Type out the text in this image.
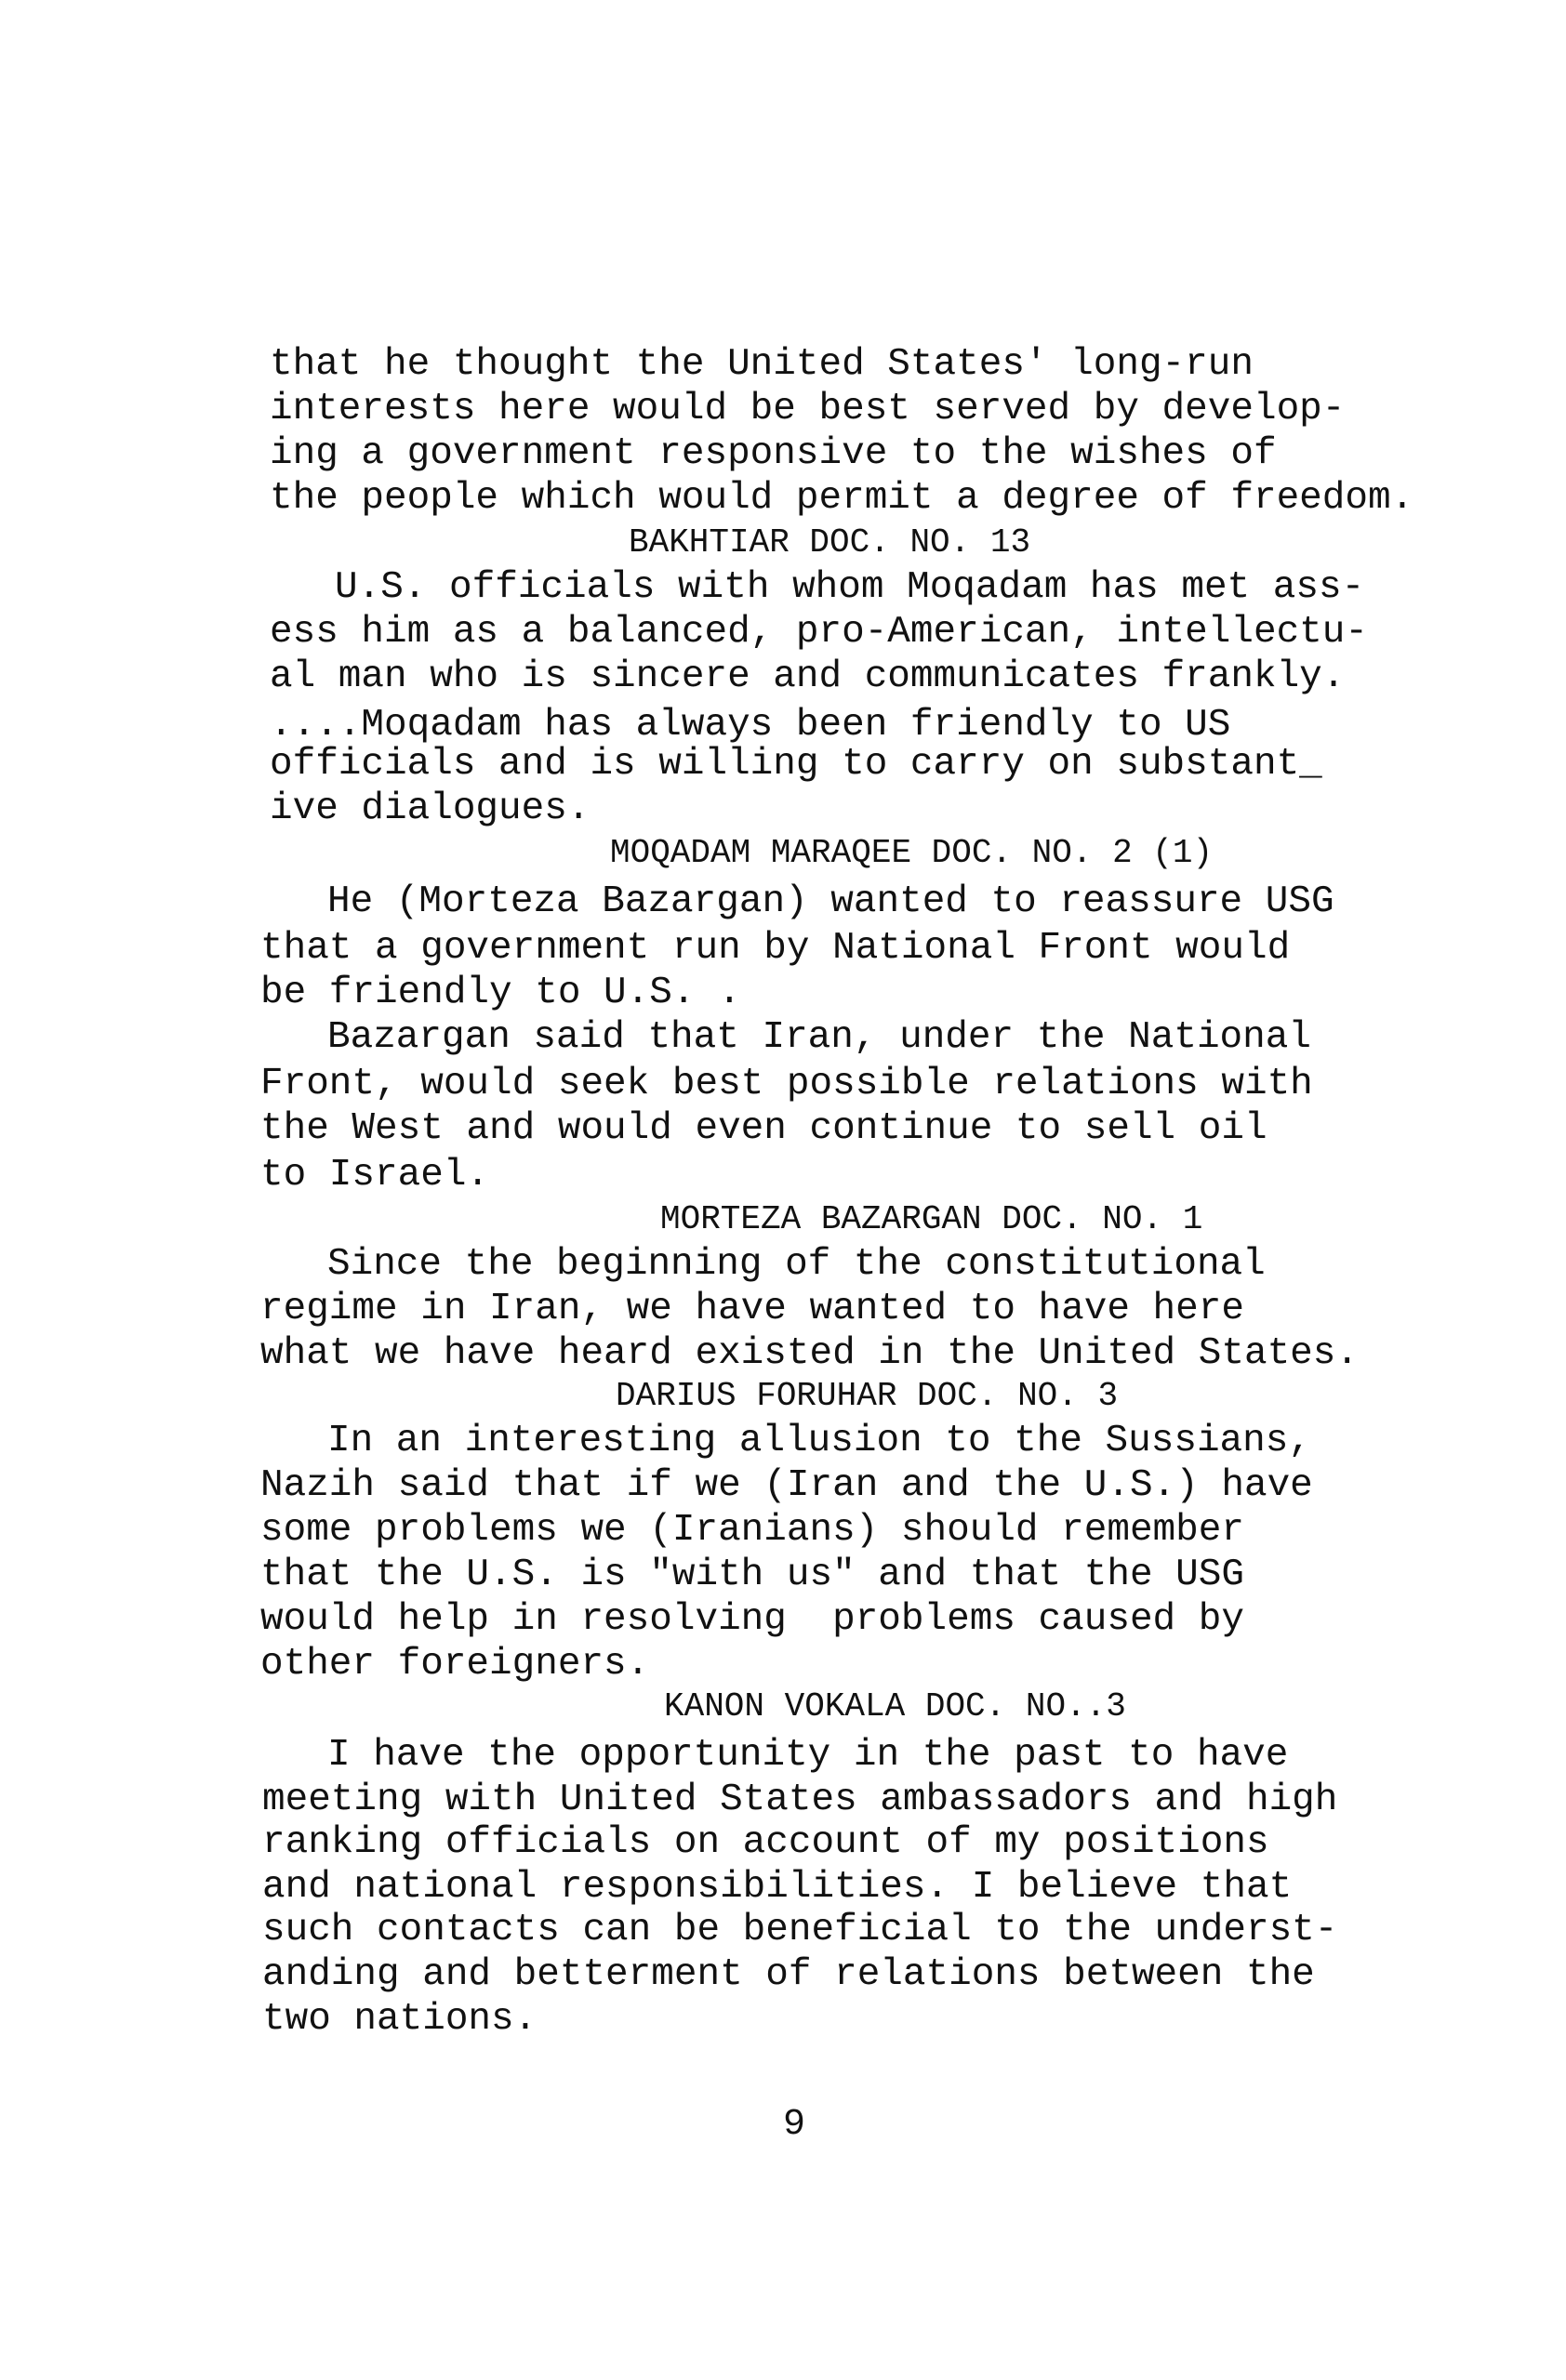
that he thought the United States' long-run
interests here would be best served by develop-
ing a government responsive to the wishes of
the people which would permit a degree of freedom.
BAKHTIAR DOC. NO. 13
U.S. officials with whom Moqadam has met ass-
ess him as a balanced, pro-American, intellectu-
al man who is sincere and communicates frankly.
....Moqadam has always been friendly to US
officials and is willing to carry on substant_
ive dialogues.
MOQADAM MARAQEE DOC. NO. 2 (1)
He (Morteza Bazargan) wanted to reassure USG
that a government run by National Front would
be friendly to U.S. .
Bazargan said that Iran, under the National
Front, would seek best possible relations with
the West and would even continue to sell oil
to Israel.
MORTEZA BAZARGAN DOC. NO. 1
Since the beginning of the constitutional
regime in Iran, we have wanted to have here
what we have heard existed in the United States.
DARIUS FORUHAR DOC. NO. 3
In an interesting allusion to the Sussians,
Nazih said that if we (Iran and the U.S.) have
some problems we (Iranians) should remember
that the U.S. is "with us" and that the USG
would help in resolving  problems caused by
other foreigners.
KANON VOKALA DOC. NO..3
I have the opportunity in the past to have
meeting with United States ambassadors and high
ranking officials on account of my positions
and national responsibilities. I believe that
such contacts can be beneficial to the underst-
anding and betterment of relations between the
two nations.
9
